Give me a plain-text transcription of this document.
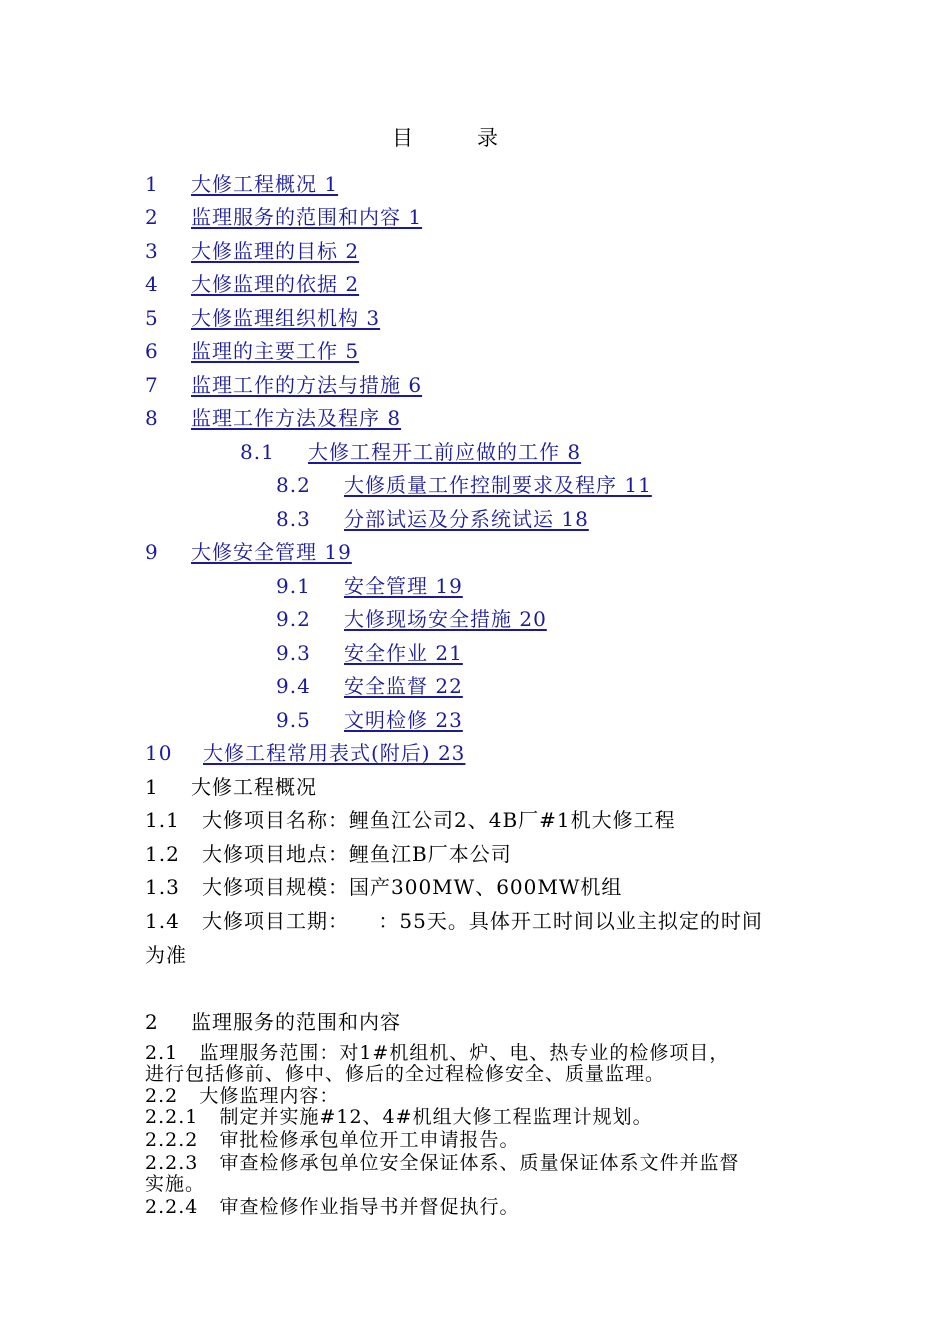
目	录
1 大修工程概况 1
2 监理服务的范围和内容 1
3 大修监理的目标 2
4 大修监理的依据 2
5 大修监理组织机构 3
6 监理的主要工作 5
7 监理工作的方法与措施 6
8 监理工作方法及程序 8
8.1 大修工程开工前应做的工作 8
8.2 大修质量工作控制要求及程序 11
8.3 分部试运及分系统试运 18
9 大修安全管理 19
9.1 安全管理 19
9.2 大修现场安全措施 20
9.3 安全作业 21
9.4 安全监督 22
9.5 文明检修 23
10 大修工程常用表式(附后) 23
1 大修工程概况
1.1 大修项目名称：鲤鱼江公司2、4B厂#1机大修工程
1.2 大修项目地点：鲤鱼江B厂本公司
1.3 大修项目规模：国产300MW、600MW机组
1.4 大修项目工期：    ：55天。具体开工时间以业主拟定的时间
为准
2 监理服务的范围和内容
2.1   监理服务范围：对1#机组机、炉、电、热专业的检修项目，
进行包括修前、修中、修后的全过程检修安全、质量监理。
2.2   大修监理内容：
2.2.1   制定并实施#12、4#机组大修工程监理计规划。
2.2.2   审批检修承包单位开工申请报告。
2.2.3   审查检修承包单位安全保证体系、质量保证体系文件并监督
实施。
2.2.4   审查检修作业指导书并督促执行。
